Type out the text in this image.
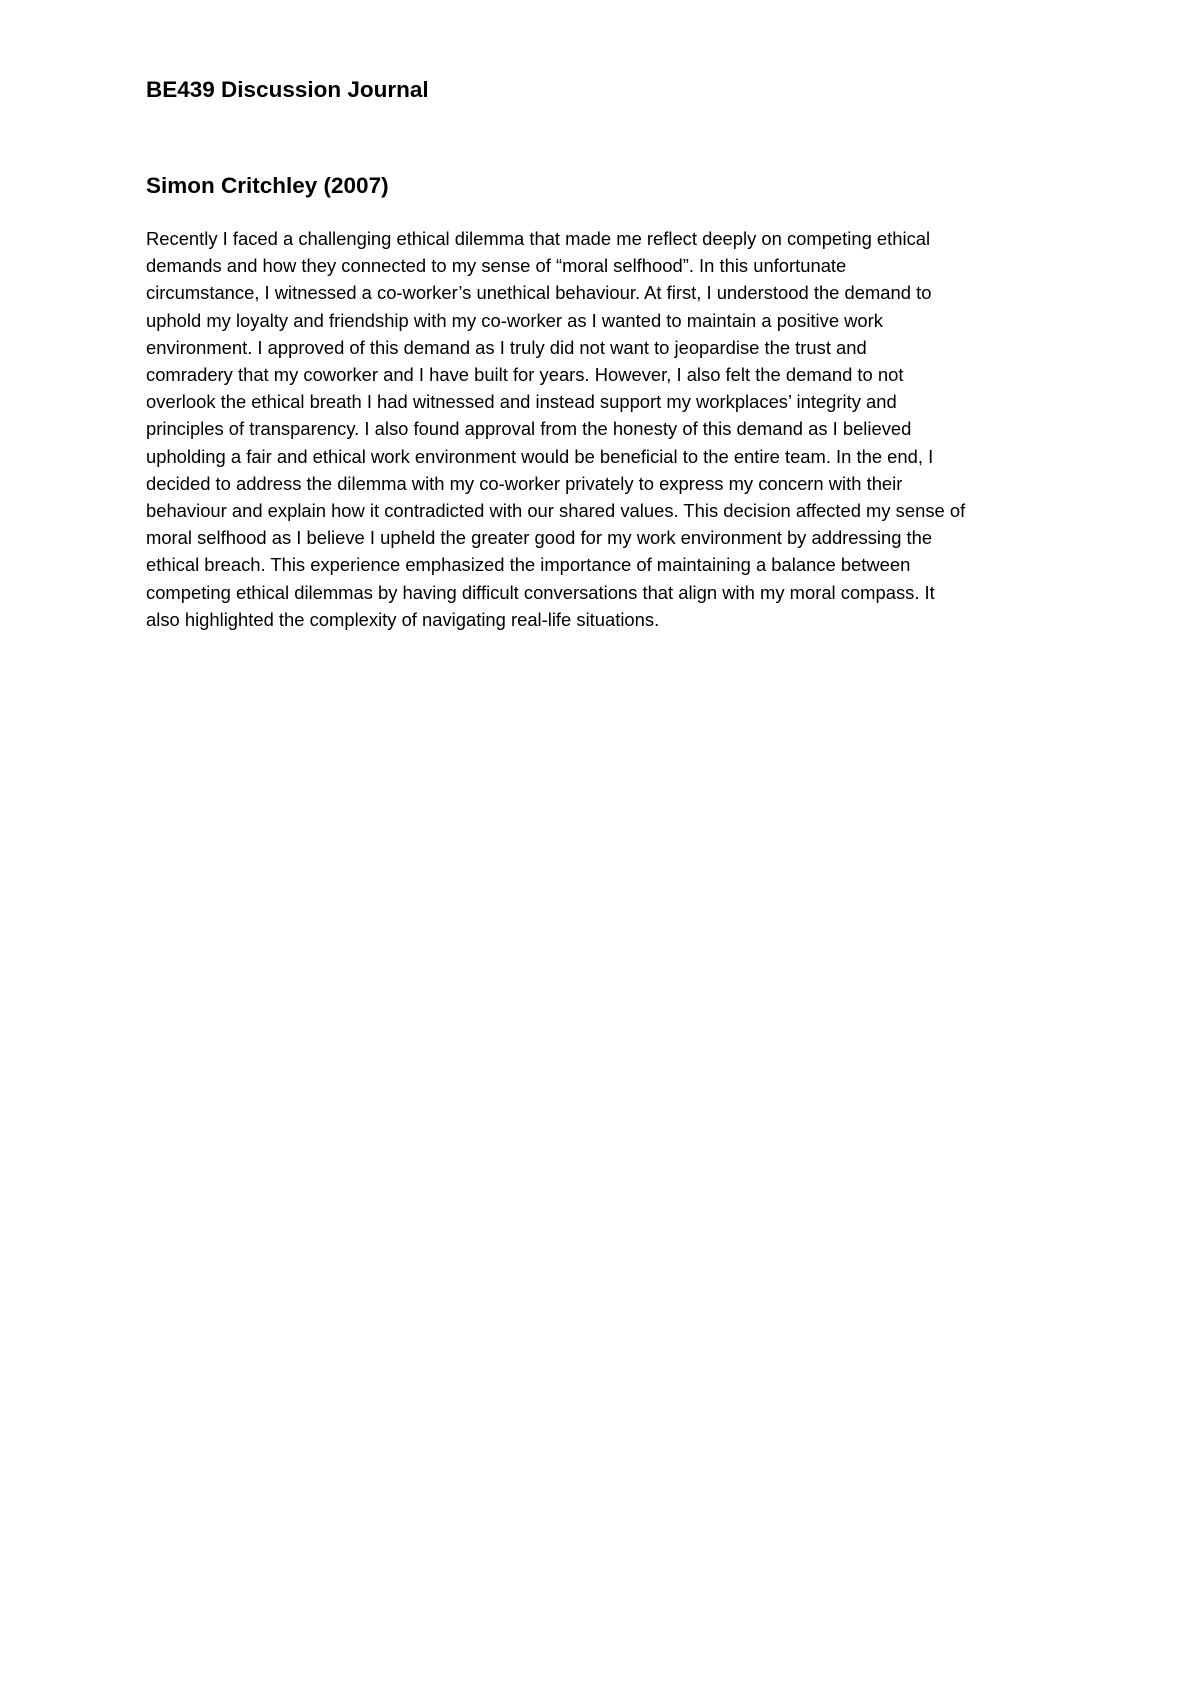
BE439 Discussion Journal
Simon Critchley (2007)

Recently I faced a challenging ethical dilemma that made me reflect deeply on competing ethical
demands and how they connected to my sense of “moral selfhood”. In this unfortunate
circumstance, I witnessed a co-worker’s unethical behaviour. At first, I understood the demand to
uphold my loyalty and friendship with my co-worker as I wanted to maintain a positive work
environment. I approved of this demand as I truly did not want to jeopardise the trust and
comradery that my coworker and I have built for years. However, I also felt the demand to not
overlook the ethical breath I had witnessed and instead support my workplaces’ integrity and
principles of transparency. I also found approval from the honesty of this demand as I believed
upholding a fair and ethical work environment would be beneficial to the entire team. In the end, I
decided to address the dilemma with my co-worker privately to express my concern with their
behaviour and explain how it contradicted with our shared values. This decision affected my sense of
moral selfhood as I believe I upheld the greater good for my work environment by addressing the
ethical breach. This experience emphasized the importance of maintaining a balance between
competing ethical dilemmas by having difficult conversations that align with my moral compass. It
also highlighted the complexity of navigating real-life situations.
